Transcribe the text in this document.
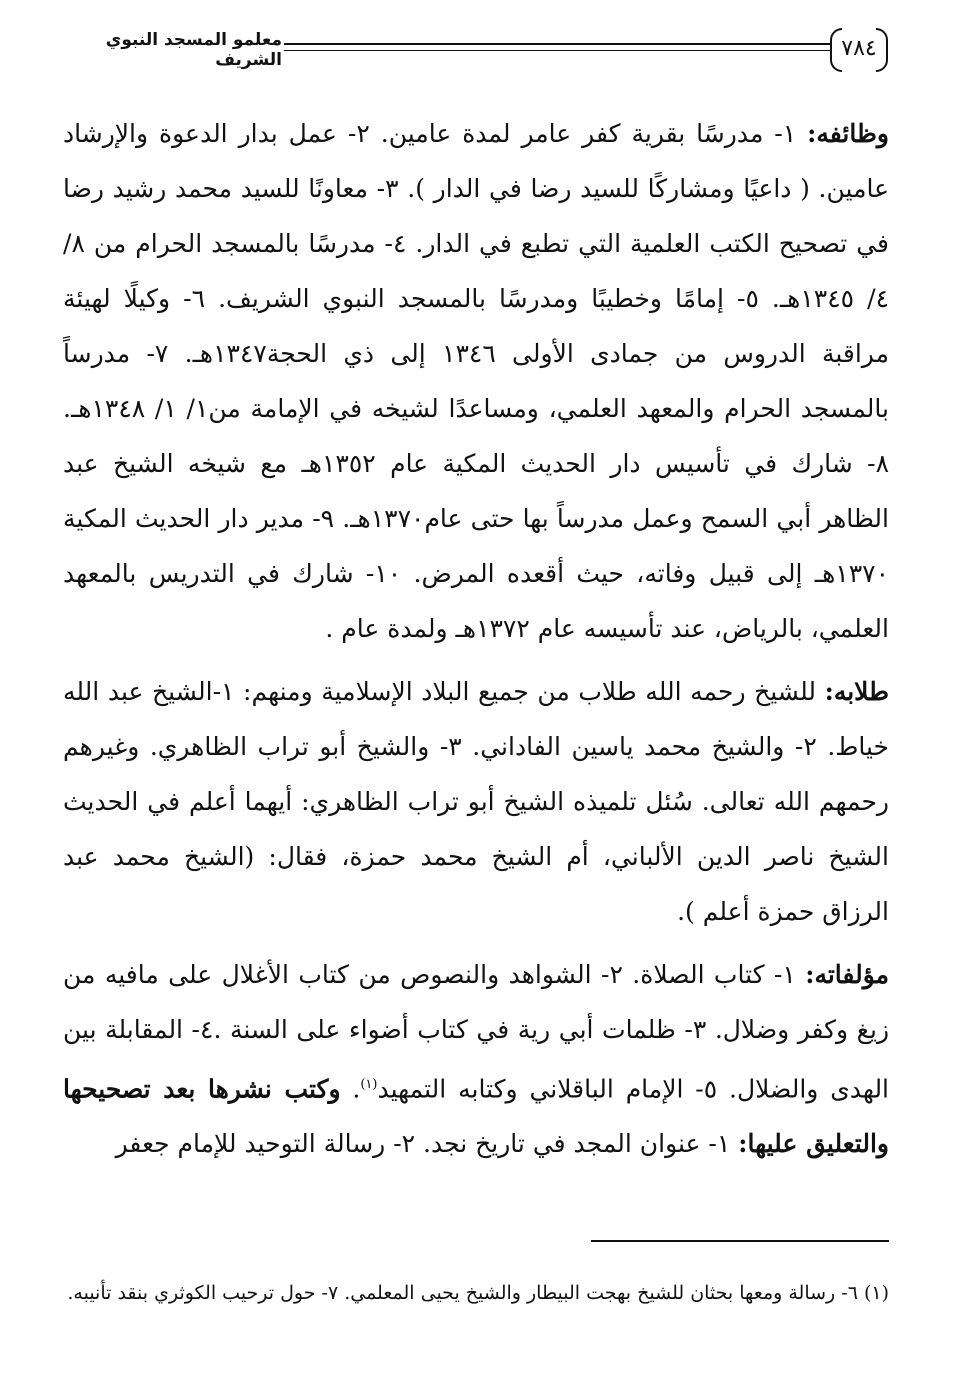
٧٨٤
معلمو المسجد النبوي الشريف

وظائفه: ١- مدرسًا بقرية كفر عامر لمدة عامين. ٢- عمل بدار الدعوة والإرشاد عامين. ( داعيًا ومشاركًا للسيد رضا في الدار ). ٣- معاونًا للسيد محمد رشيد رضا في تصحيح الكتب العلمية التي تطبع في الدار. ٤- مدرسًا بالمسجد الحرام من ٨/ ٤/ ١٣٤٥هـ. ٥- إمامًا وخطيبًا ومدرسًا بالمسجد النبوي الشريف. ٦- وكيلًا لهيئة مراقبة الدروس من جمادى الأولى ١٣٤٦ إلى ذي الحجة١٣٤٧هـ. ٧- مدرساً بالمسجد الحرام والمعهد العلمي، ومساعدًا لشيخه في الإمامة من١/ ١/ ١٣٤٨هـ. ٨- شارك في تأسيس دار الحديث المكية عام ١٣٥٢هـ مع شيخه الشيخ عبد الظاهر أبي السمح وعمل مدرساً بها حتى عام١٣٧٠هـ. ٩- مدير دار الحديث المكية ١٣٧٠هـ إلى قبيل وفاته، حيث أقعده المرض. ١٠- شارك في التدريس بالمعهد العلمي، بالرياض، عند تأسيسه عام ١٣٧٢هـ ولمدة عام .

طلابه: للشيخ رحمه الله طلاب من جميع البلاد الإسلامية ومنهم: ١-الشيخ عبد الله خياط. ٢- والشيخ محمد ياسين الفاداني. ٣- والشيخ أبو تراب الظاهري. وغيرهم رحمهم الله تعالى. سُئل تلميذه الشيخ أبو تراب الظاهري: أيهما أعلم في الحديث الشيخ ناصر الدين الألباني، أم الشيخ محمد حمزة، فقال: (الشيخ محمد عبد الرزاق حمزة أعلم ).

مؤلفاته: ١- كتاب الصلاة. ٢- الشواهد والنصوص من كتاب الأغلال على مافيه من زيغ وكفر وضلال. ٣- ظلمات أبي رية في كتاب أضواء على السنة .٤- المقابلة بين الهدى والضلال. ٥- الإمام الباقلاني وكتابه التمهيد$^{(١)}$. وكتب نشرها بعد تصحيحها والتعليق عليها: ١- عنوان المجد في تاريخ نجد. ٢- رسالة التوحيد للإمام جعفر

(١) ٦- رسالة ومعها بحثان للشيخ بهجت البيطار والشيخ يحيى المعلمي. ٧- حول ترحيب الكوثري بنقد تأنيبه.
